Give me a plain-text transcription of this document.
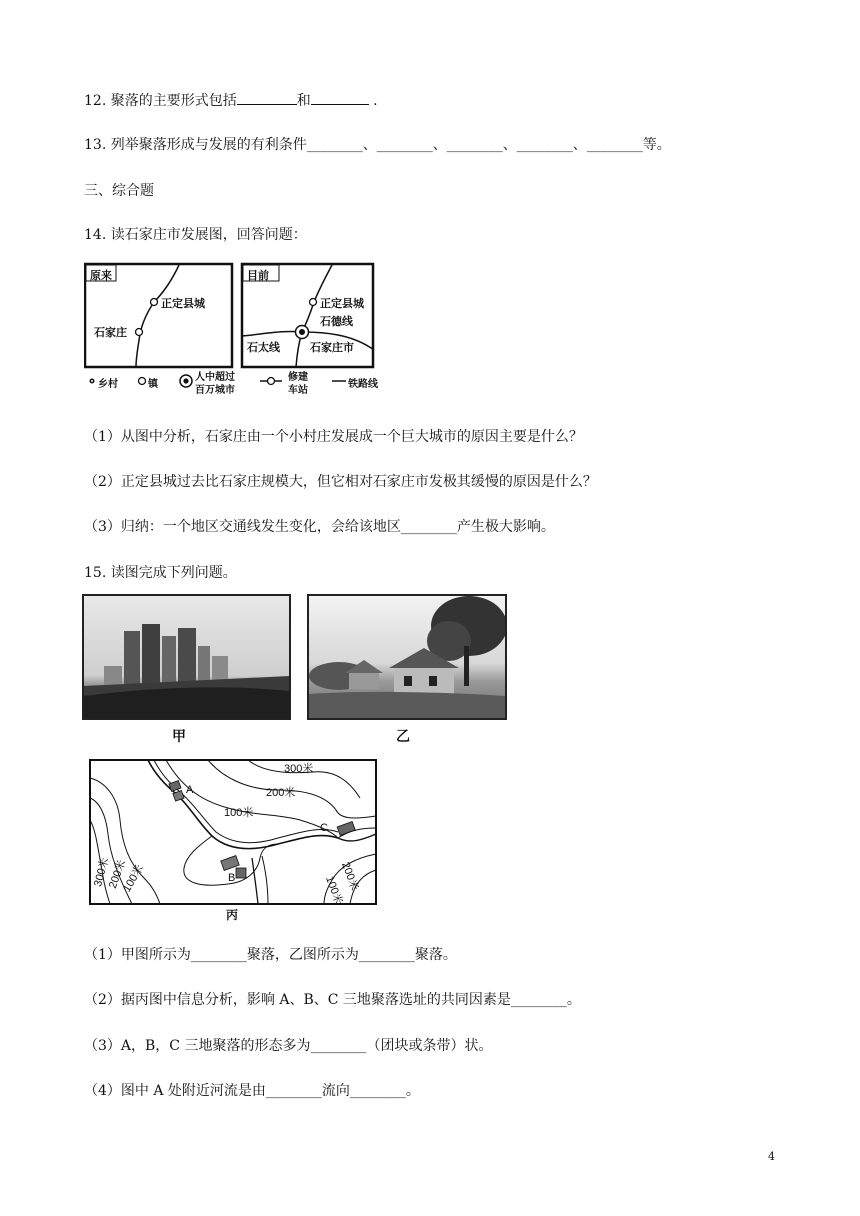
12. 聚落的主要形式包括	和	.
13. 列举聚落形成与发展的有利条件________、________、________、________、________等。
三、综合题
14. 读石家庄市发展图，回答问题：
原来	目前
正定县城
石家庄
正定县城
石德线
石太线	石家庄市
乡村	镇
人中超过
百万城市
修建
车站
铁路线
（1）从图中分析，石家庄由一个小村庄发展成一个巨大城市的原因主要是什么？
（2）正定县城过去比石家庄规模大，但它相对石家庄市发极其缓慢的原因是什么？
（3）归纳：一个地区交通线发生变化，会给该地区________产生极大影响。
15. 读图完成下列问题。
甲	乙
300米
200米
100米
A
B
C
300米
200米
100米	200米
100米
丙
（1）甲图所示为________聚落，乙图所示为________聚落。
（2）据丙图中信息分析，影响 A、B、C 三地聚落选址的共同因素是________。
（3）A，B，C 三地聚落的形态多为________（团块或条带）状。
（4）图中 A 处附近河流是由________流向________。
4
